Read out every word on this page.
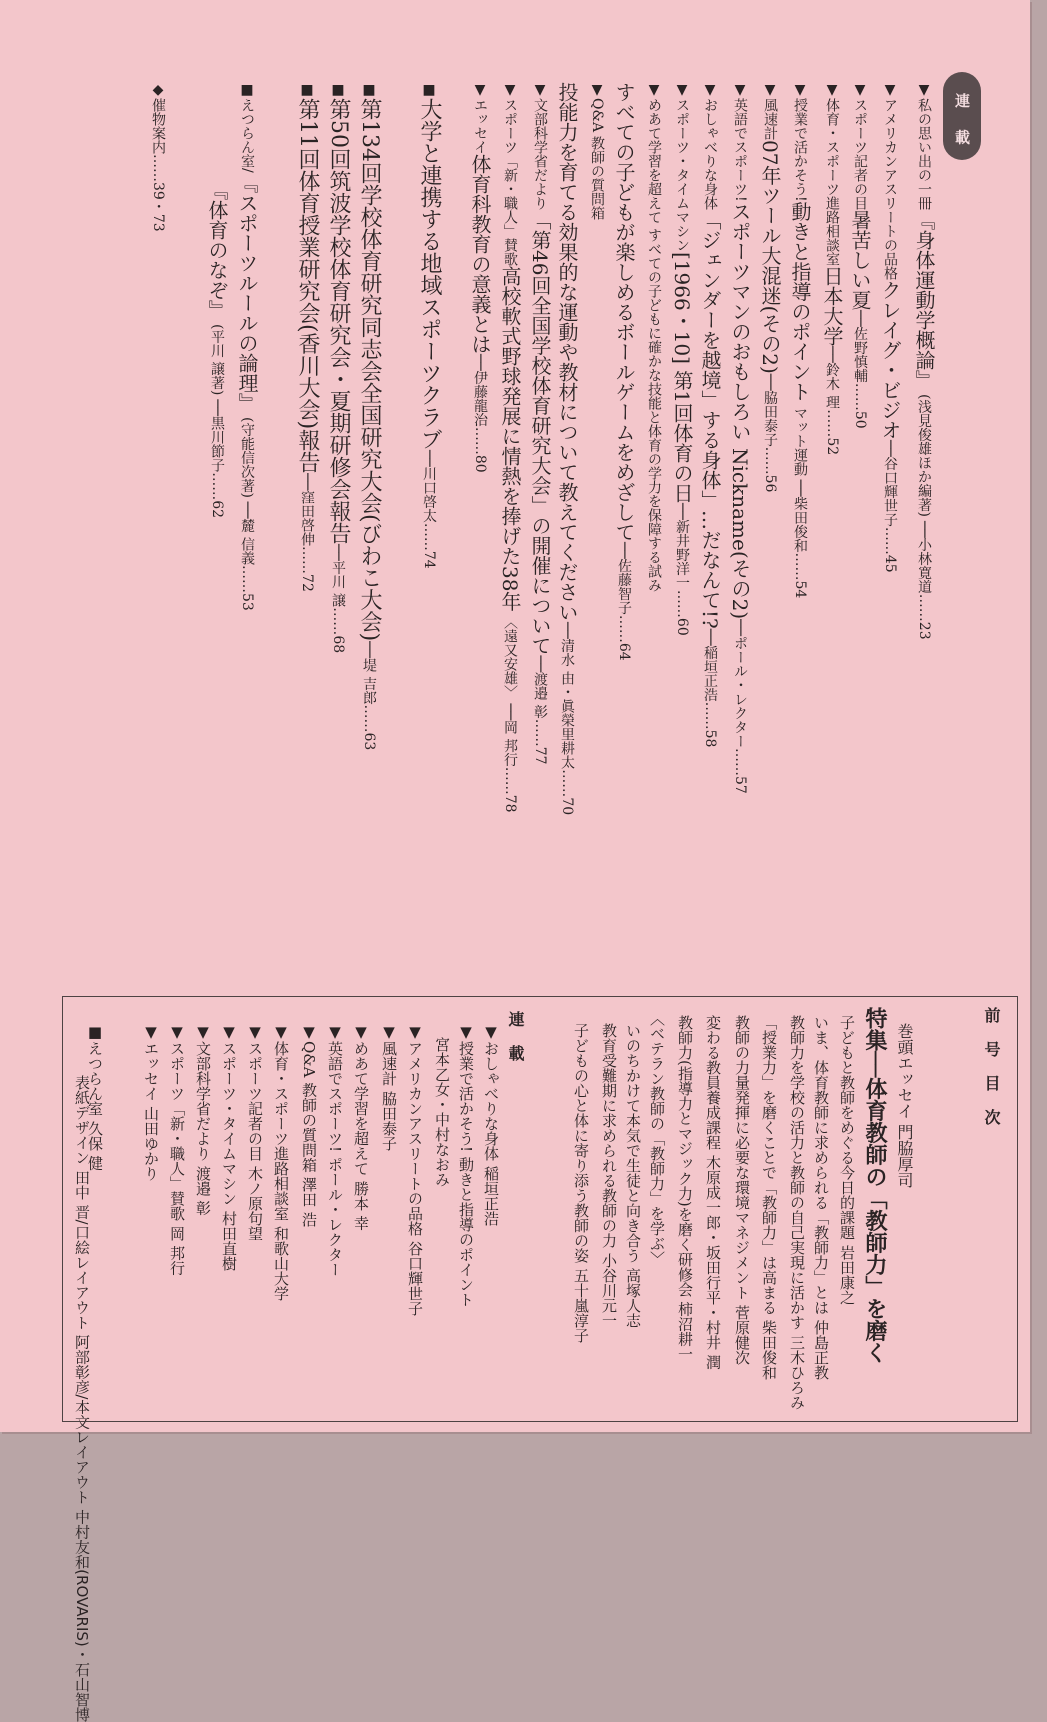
連 載
▼私の思い出の一冊『身体運動学概論』(浅見俊雄ほか編著)──小林寛道……23
▼アメリカンアスリートの品格クレイグ・ビジオ──谷口輝世子……45
▼スポーツ記者の目暑苦しい夏──佐野慎輔……50
▼体育・スポーツ進路相談室日本大学──鈴木 理……52
▼授業で活かそう!動きと指導のポイントマット運動──柴田俊和……54
▼風速計07年ツール大混迷(その2)──脇田泰子……56
▼英語でスポーツ!スポーツマンのおもしろい Nickname(その2)──ポール・レクター……57
▼おしゃべりな身体「ジェンダーを越境」する身体」…だなんて!?──稲垣正浩……58
▼スポーツ・タイムマシン[1966・10] 第1回体育の日──新井野洋一……60
▼めあて学習を超えてすべての子どもに確かな技能と体育の学力を保障する試み
すべての子どもが楽しめるボールゲームをめざして──佐藤智子……64
▼Q&A教師の質問箱
投能力を育てる効果的な運動や教材について教えてください──清水 由・眞榮里耕太……70
▼文部科学省だより「第46回全国学校体育研究大会」の開催について──渡邉 彰……77
▼スポーツ「新・職人」賛歌高校軟式野球発展に情熱を捧げた38年〈遠又安雄〉──岡 邦行……78
▼エッセイ体育科教育の意義とは──伊藤龍治……80
■大学と連携する地域スポーツクラブ──川口啓太……74
■第134回学校体育研究同志会全国研究大会(びわこ大会)──堤 吉郎……63
■第50回筑波学校体育研究会・夏期研修会報告──平川 譲……68
■第11回体育授業研究会(香川大会)報告──窪田啓伸……72
■えつらん室/『スポーツルールの論理』(守能信次著)──麓 信義……53
『体育のなぞ』(平川 譲著)──黒川節子……62
◆催物案内……39・73
表紙デザイン 田中 晋/口絵レイアウト 阿部彰彦/本文レイアウト 中村友和(ROVARIS)・石山智博	前号目次
巻頭エッセイ 門脇厚司
特集──体育教師の「教師力」を磨く
子どもと教師をめぐる今日的課題 岩田康之
いま、体育教師に求められる「教師力」とは 仲島正教
教師力を学校の活力と教師の自己実現に活かす 三木ひろみ
「授業力」を磨くことで「教師力」は高まる 柴田俊和
教師の力量発揮に必要な環境マネジメント 菅原健次
変わる教員養成課程 木原成一郎・坂田行平・村井 潤
教師力(指導力とマジック力)を磨く研修会 柿沼耕一
〈ベテラン教師の「教師力」を学ぶ〉
いのちかけて本気で生徒と向き合う 高塚人志
教育受難期に求められる教師の力 小谷川元一
子どもの心と体に寄り添う教師の姿 五十嵐淳子
連載
▼おしゃべりな身体 稲垣正浩
▼授業で活かそう! 動きと指導のポイント
宮本乙女・中村なおみ
▼アメリカンアスリートの品格 谷口輝世子
▼風速計 脇田泰子
▼めあて学習を超えて 勝本 幸
▼英語でスポーツ! ポール・レクター
▼Q&A 教師の質問箱 澤田 浩
▼体育・スポーツ進路相談室 和歌山大学
▼スポーツ記者の目 木ノ原句望
▼スポーツ・タイムマシン 村田直樹
▼文部科学省だより 渡邉 彰
▼スポーツ「新・職人」賛歌 岡 邦行
▼エッセイ 山田ゆかり
■えつらん室 久保 健
